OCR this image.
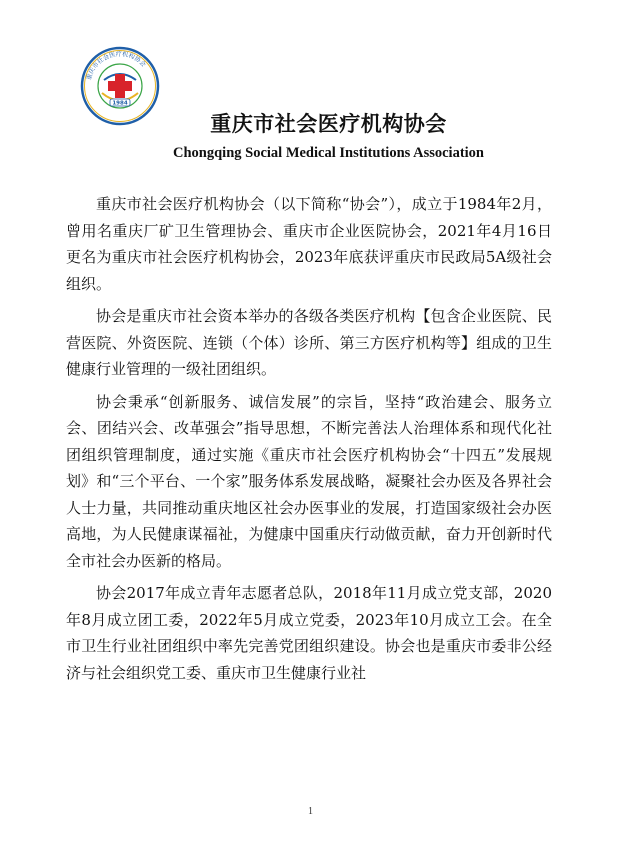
重庆市社会医疗机构协会
1984
重庆市社会医疗机构协会
Chongqing Social Medical Institutions Association

重庆市社会医疗机构协会（以下简称“协会”），成立于1984年2月，曾用名重庆厂矿卫生管理协会、重庆市企业医院协会，2021年4月16日更名为重庆市社会医疗机构协会，2023年底获评重庆市民政局5A级社会组织。

协会是重庆市社会资本举办的各级各类医疗机构【包含企业医院、民营医院、外资医院、连锁（个体）诊所、第三方医疗机构等】组成的卫生健康行业管理的一级社团组织。

协会秉承“创新服务、诚信发展”的宗旨，坚持“政治建会、服务立会、团结兴会、改革强会”指导思想，不断完善法人治理体系和现代化社团组织管理制度，通过实施《重庆市社会医疗机构协会“十四五”发展规划》和“三个平台、一个家”服务体系发展战略，凝聚社会办医及各界社会人士力量，共同推动重庆地区社会办医事业的发展，打造国家级社会办医高地，为人民健康谋福祉，为健康中国重庆行动做贡献，奋力开创新时代全市社会办医新的格局。

协会2017年成立青年志愿者总队，2018年11月成立党支部，2020年8月成立团工委，2022年5月成立党委，2023年10月成立工会。在全市卫生行业社团组织中率先完善党团组织建设。协会也是重庆市委非公经济与社会组织党工委、重庆市卫生健康行业社

1
